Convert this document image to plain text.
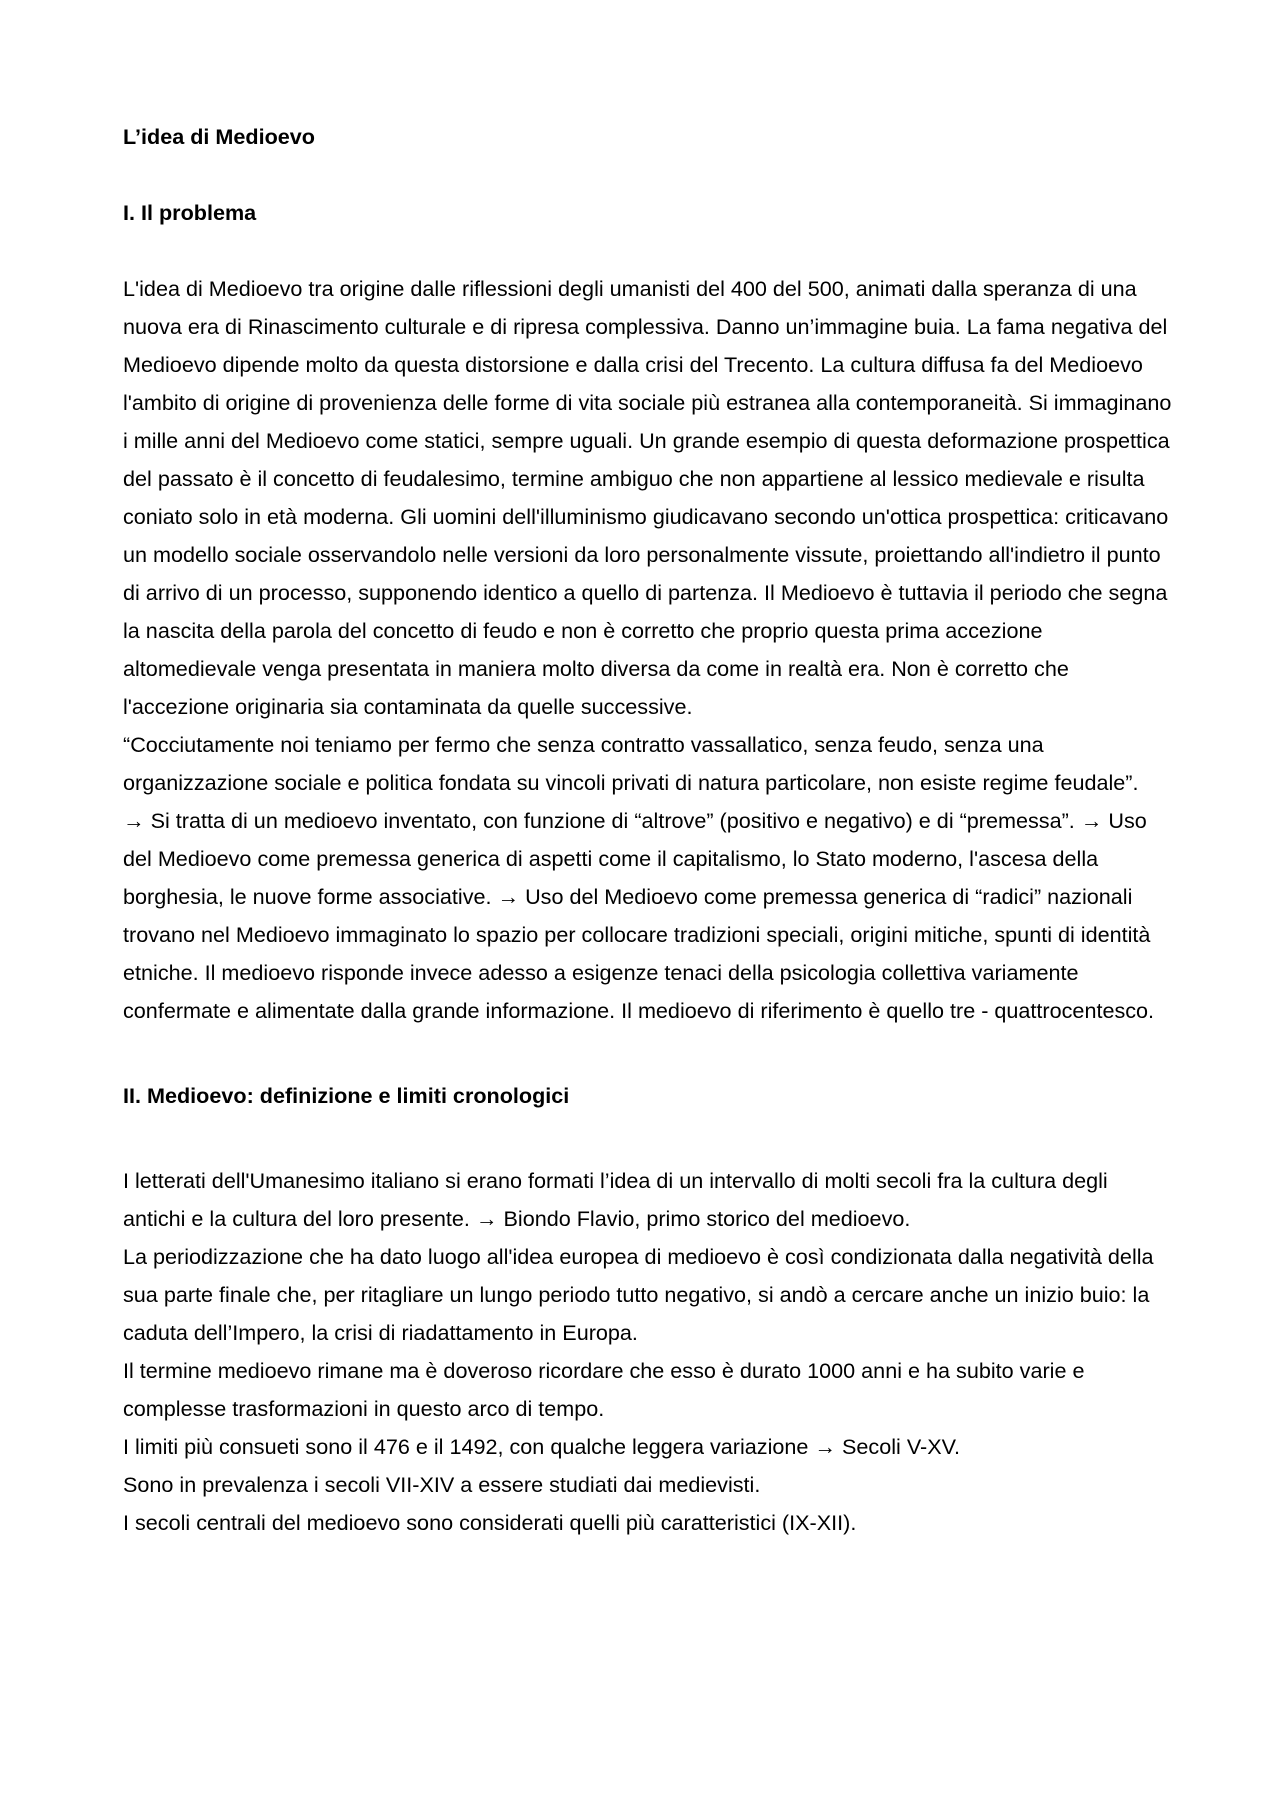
L’idea di Medioevo

I. Il problema

L'idea di Medioevo tra origine dalle riflessioni degli umanisti del 400 del 500, animati dalla speranza di una nuova era di Rinascimento culturale e di ripresa complessiva. Danno un’immagine buia. La fama negativa del Medioevo dipende molto da questa distorsione e dalla crisi del Trecento. La cultura diffusa fa del Medioevo l'ambito di origine di provenienza delle forme di vita sociale più estranea alla contemporaneità. Si immaginano i mille anni del Medioevo come statici, sempre uguali. Un grande esempio di questa deformazione prospettica del passato è il concetto di feudalesimo, termine ambiguo che non appartiene al lessico medievale e risulta coniato solo in età moderna. Gli uomini dell'illuminismo giudicavano secondo un'ottica prospettica: criticavano un modello sociale osservandolo nelle versioni da loro personalmente vissute, proiettando all'indietro il punto di arrivo di un processo, supponendo identico a quello di partenza. Il Medioevo è tuttavia il periodo che segna la nascita della parola del concetto di feudo e non è corretto che proprio questa prima accezione altomedievale venga presentata in maniera molto diversa da come in realtà era. Non è corretto che l'accezione originaria sia contaminata da quelle successive.

“Cocciutamente noi teniamo per fermo che senza contratto vassallatico, senza feudo, senza una organizzazione sociale e politica fondata su vincoli privati di natura particolare, non esiste regime feudale”.

→ Si tratta di un medioevo inventato, con funzione di “altrove” (positivo e negativo) e di “premessa”. → Uso del Medioevo come premessa generica di aspetti come il capitalismo, lo Stato moderno, l'ascesa della borghesia, le nuove forme associative. → Uso del Medioevo come premessa generica di “radici” nazionali trovano nel Medioevo immaginato lo spazio per collocare tradizioni speciali, origini mitiche, spunti di identità etniche. Il medioevo risponde invece adesso a esigenze tenaci della psicologia collettiva variamente confermate e alimentate dalla grande informazione. Il medioevo di riferimento è quello tre - quattrocentesco.

II. Medioevo: definizione e limiti cronologici

I letterati dell'Umanesimo italiano si erano formati l’idea di un intervallo di molti secoli fra la cultura degli antichi e la cultura del loro presente. → Biondo Flavio, primo storico del medioevo.

La periodizzazione che ha dato luogo all'idea europea di medioevo è così condizionata dalla negatività della sua parte finale che, per ritagliare un lungo periodo tutto negativo, si andò a cercare anche un inizio buio: la caduta dell’Impero, la crisi di riadattamento in Europa.

Il termine medioevo rimane ma è doveroso ricordare che esso è durato 1000 anni e ha subito varie e complesse trasformazioni in questo arco di tempo.

I limiti più consueti sono il 476 e il 1492, con qualche leggera variazione → Secoli V-XV.

Sono in prevalenza i secoli VII-XIV a essere studiati dai medievisti.

I secoli centrali del medioevo sono considerati quelli più caratteristici (IX-XII).
